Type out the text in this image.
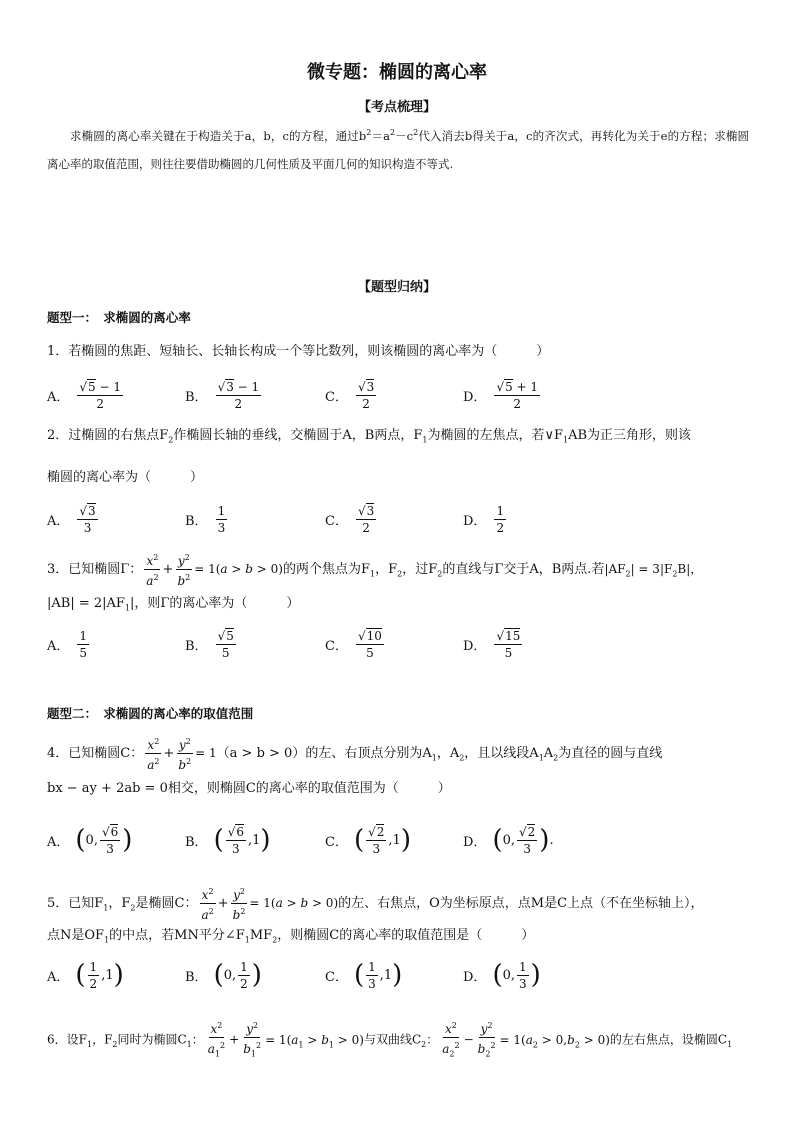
微专题：椭圆的离心率
【考点梳理】
求椭圆的离心率关键在于构造关于a，b，c的方程，通过$b^2=a^2-c^2$代入消去b得关于a，c的齐次式，再转化为关于e的方程；求椭圆离心率的取值范围，则往往要借助椭圆的几何性质及平面几何的知识构造不等式.
【题型归纳】
题型一：　求椭圆的离心率
1．若椭圆的焦距、短轴长、长轴长构成一个等比数列，则该椭圆的离心率为（　　　）
A． $\frac{√5 - 1}{2}$	B． $\frac{√3 - 1}{2}$	C． $\frac{√3}{2}$	D． $\frac{√5 + 1}{2}$
2．过椭圆的右焦点$F_2$作椭圆长轴的垂线，交椭圆于A，B两点，$F_1$为椭圆的左焦点，若$\vee F_1AB$为正三角形，则该
椭圆的离心率为（　　　）
A． $\frac{√3}{3}$	B． $\frac{1}{3}$	C． $\frac{√3}{2}$	D． $\frac{1}{2}$
3．已知椭圆Γ： $\frac{x^2}{a^2} + \frac{y^2}{b^2} = 1(a > b > 0)$的两个焦点为$F_1$，$F_2$，过$F_2$的直线与Γ交于A，B两点.若$|AF_2| = 3|F_2B|$，
$|AB| = 2|AF_1|$，则Γ的离心率为（　　　）
A． $\frac{1}{5}$	B． $\frac{√5}{5}$	C． $\frac{√10}{5}$	D． $\frac{√15}{5}$
题型二：　求椭圆的离心率的取值范围
4．已知椭圆C： $\frac{x^2}{a^2} + \frac{y^2}{b^2} = 1(a > b > 0)$的左、右顶点分别为$A_1$，$A_2$，且以线段$A_1A_2$为直径的圆与直线
bx − ay + 2ab = 0相交，则椭圆C的离心率的取值范围为（　　　）
A． ( 0, $\frac{√6}{3}$ )	B． ( $\frac{√6}{3} ,1$ )	C． ( $\frac{√2}{3} ,1$ )	D． ( 0, $\frac{√2}{3}$ ) .
5．已知$F_1$，$F_2$是椭圆C： $\frac{x^2}{a^2} + \frac{y^2}{b^2} = 1(a > b > 0)$的左、右焦点，O为坐标原点，点M是C上点（不在坐标轴上），
点N是$OF_1$的中点，若MN平分$\angle F_1MF_2$，则椭圆C的离心率的取值范围是（　　　）
A． ( $\frac{1}{2} ,1$ )	B． ( 0, $\frac{1}{2}$ )	C． ( $\frac{1}{3} ,1$ )	D． ( 0, $\frac{1}{3}$ )
6．设$F_1$，$F_2$同时为椭圆$C_1$： $\frac{x^2}{a_1^2} + \frac{y^2}{b_1^2} = 1(a_1 > b_1 > 0)$与双曲线$C_2$： $\frac{x^2}{a_2^2} - \frac{y^2}{b_2^2} = 1(a_2 > 0,b_2 > 0)$的左右焦点，设椭圆$C_1$
